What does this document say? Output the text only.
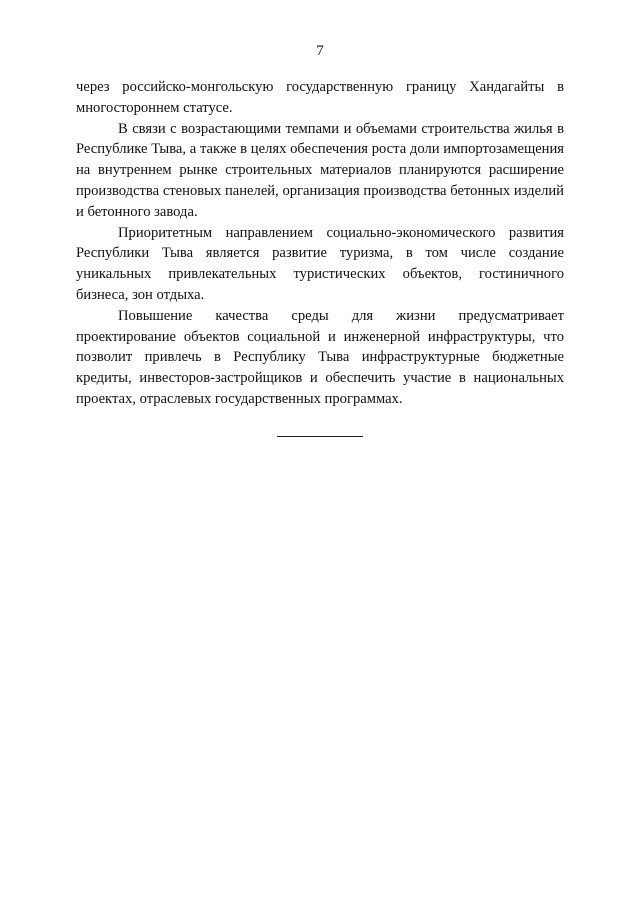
7

через российско-монгольскую государственную границу Хандагайты в многостороннем статусе.

В связи с возрастающими темпами и объемами строительства жилья в Республике Тыва, а также в целях обеспечения роста доли импортозамещения на внутреннем рынке строительных материалов планируются расширение производства стеновых панелей, организация производства бетонных изделий и бетонного завода.

Приоритетным направлением социально-экономического развития Республики Тыва является развитие туризма, в том числе создание уникальных привлекательных туристических объектов, гостиничного бизнеса, зон отдыха.

Повышение качества среды для жизни предусматривает проектирование объектов социальной и инженерной инфраструктуры, что позволит привлечь в Республику Тыва инфраструктурные бюджетные кредиты, инвесторов-застройщиков и обеспечить участие в национальных проектах, отраслевых государственных программах.
